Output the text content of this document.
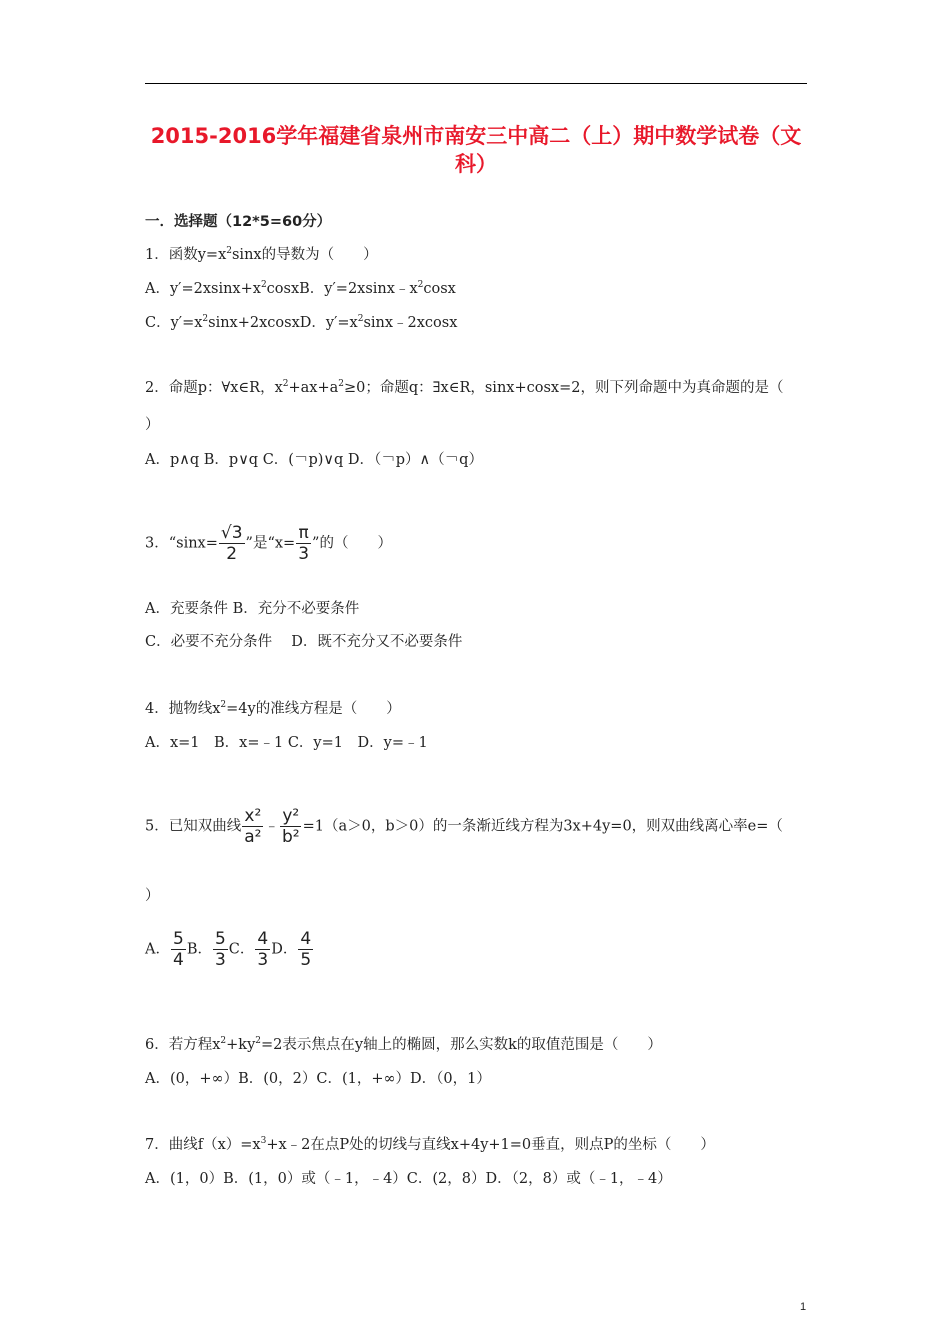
2015-2016学年福建省泉州市南安三中高二（上）期中数学试卷（文科）
一．选择题（12*5=60分）
1．函数$y=x^2\sin x$的导数为（　　）
A．$y'=2xsinx+x^2cosxB$．$y'=2xsinx﹣x^2\cos x$
C．$y'=x^2\sin x+2xcosxD$．$y'=x^2\sin x﹣2xcosx$
2．命题p：∀x∈R，$x^2+ax+a^2\ge 0$；命题q：∃x∈R，sinx+cosx=2，则下列命题中为真命题的是（
）
A．p∧q B．p∨q C．(￢p)∨q D．（￢p）∧（￢q）
3．“$\sin x= \frac{√3}{2}$ ”是“$x= \frac{\pi}{3}$ ”的（　　）
A．充要条件 B．充分不必要条件
C．必要不充分条件　 D．既不充分又不必要条件
4．抛物线$x^2=4y$的准线方程是（　　）
A．x=1　B．x=﹣1 C．y=1　D．y=﹣1
5．已知双曲线 $\frac{\text{x²}}{\text{a²}}$ ﹣ $\frac{\text{y²}}{\text{b²}} =1(a>0$，b＞0）的一条渐近线方程为3x+4y=0，则双曲线离心率e=（
）
A． $\frac{5}{4}$ B． $\frac{5}{3}$ C． $\frac{4}{3}$ D． $\frac{4}{5}$
6．若方程$x^2+ky^2=2$表示焦点在y轴上的椭圆，那么实数k的取值范围是（　　）
A．(0，+∞）B．(0，2）C．(1，+∞）D．（0，1）
7．曲线$f(x)=x^3+x﹣2$在点P处的切线与直线x+4y+1=0垂直，则点P的坐标（　　）
A．(1，0）B．(1，0）或（﹣1，﹣4）C．(2，8）D．（2，8）或（﹣1，﹣4）
1
